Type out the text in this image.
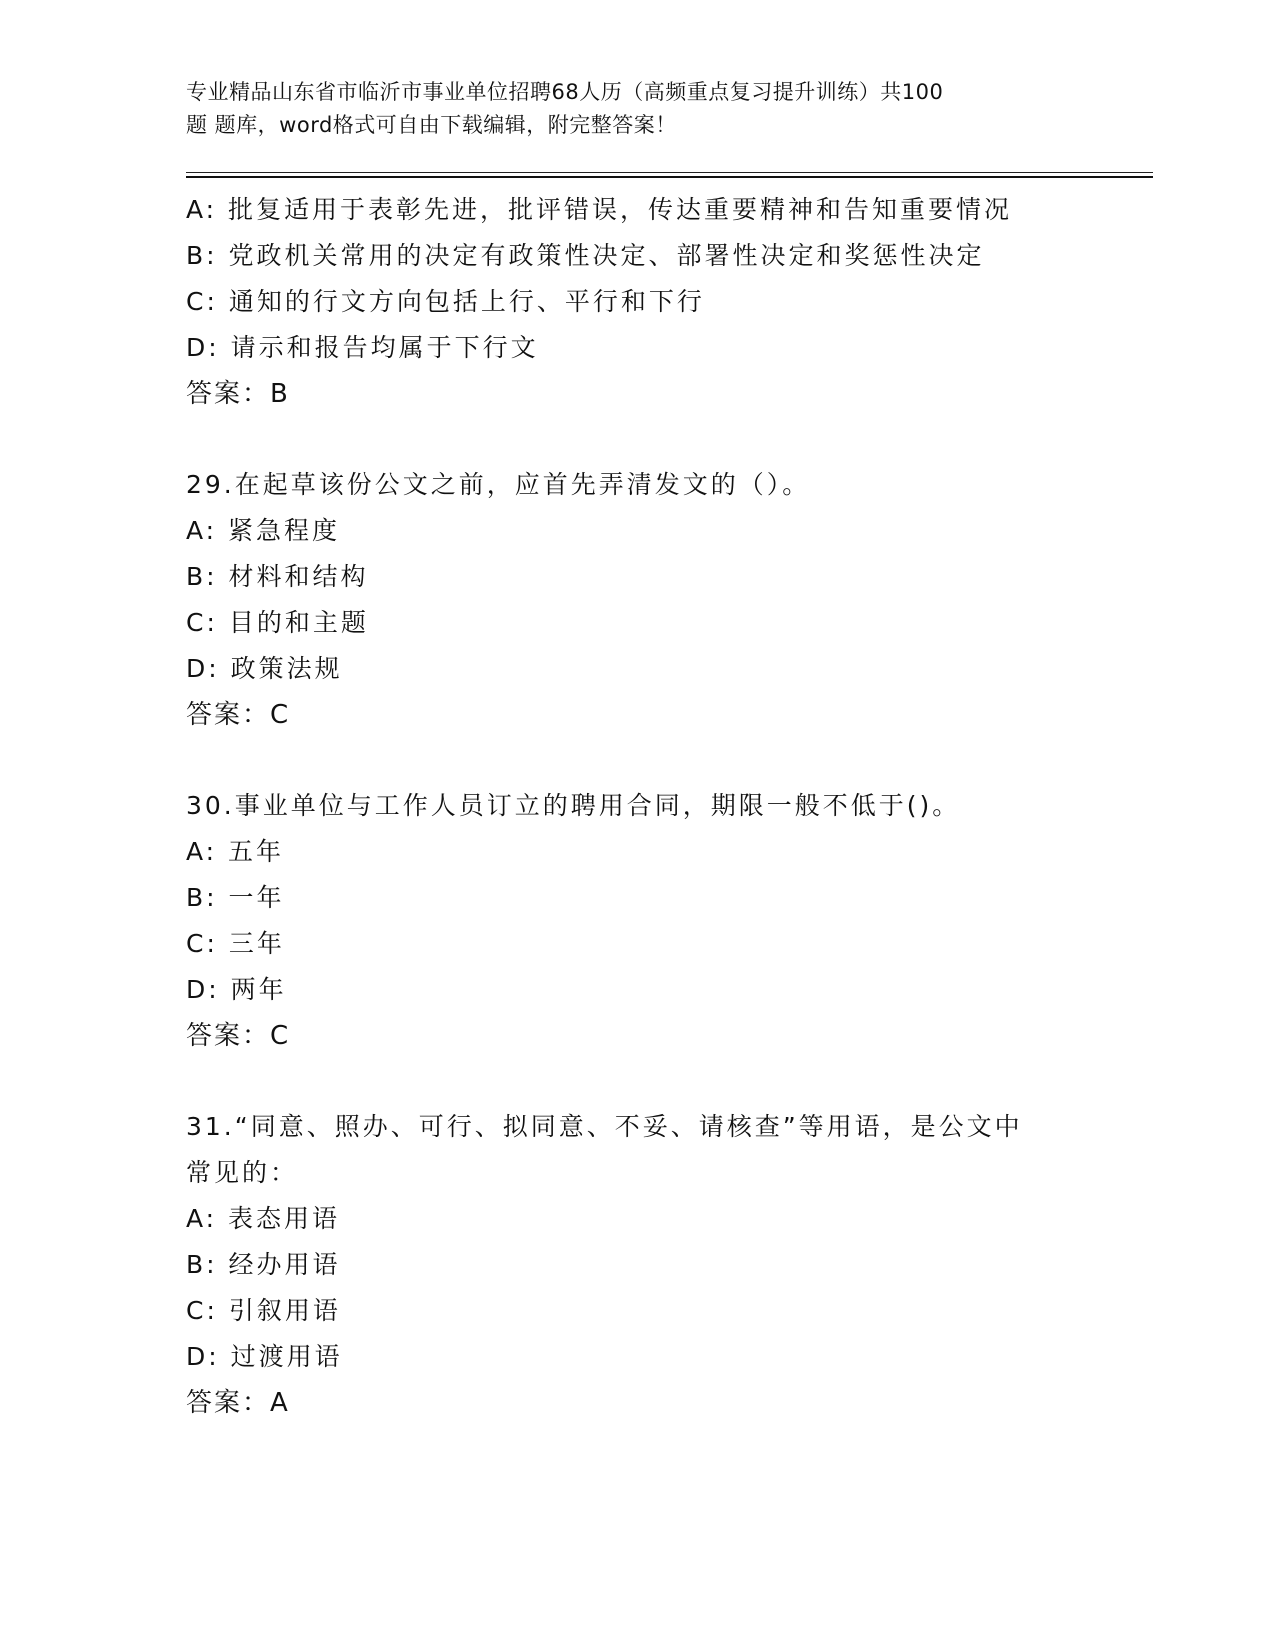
专业精品山东省市临沂市事业单位招聘68人历（高频重点复习提升训练）共100
题 题库，word格式可自由下载编辑，附完整答案！
A: 批复适用于表彰先进，批评错误，传达重要精神和告知重要情况
B: 党政机关常用的决定有政策性决定、部署性决定和奖惩性决定
C: 通知的行文方向包括上行、平行和下行
D: 请示和报告均属于下行文
答案：B
29.在起草该份公文之前，应首先弄清发文的（）。
A: 紧急程度
B: 材料和结构
C: 目的和主题
D: 政策法规
答案：C
30.事业单位与工作人员订立的聘用合同，期限一般不低于()。
A: 五年
B: 一年
C: 三年
D: 两年
答案：C
31.“同意、照办、可行、拟同意、不妥、请核查”等用语，是公文中
常见的：
A: 表态用语
B: 经办用语
C: 引叙用语
D: 过渡用语
答案：A
